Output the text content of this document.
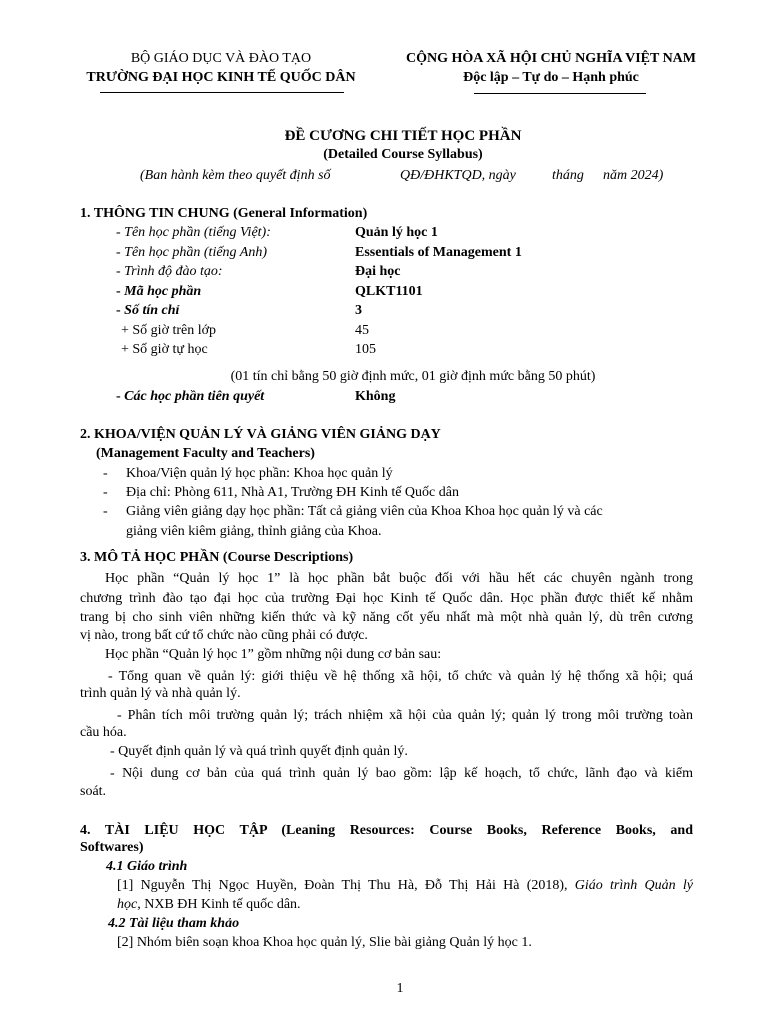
BỘ GIÁO DỤC VÀ ĐÀO TẠO
TRƯỜNG ĐẠI HỌC KINH TẾ QUỐC DÂN
CỘNG HÒA XÃ HỘI CHỦ NGHĨA VIỆT NAM
Độc lập – Tự do – Hạnh phúc
ĐỀ CƯƠNG CHI TIẾT HỌC PHẦN
(Detailed Course Syllabus)
(Ban hành kèm theo quyết định số	QĐ/ĐHKTQD, ngày	tháng năm 2024)
1. THÔNG TIN CHUNG (General Information)
- Tên học phần (tiếng Việt):	Quản lý học 1
- Tên học phần (tiếng Anh)	Essentials of Management 1
- Trình độ đào tạo:	Đại học
- Mã học phần	QLKT1101
- Số tín chỉ	3
+ Số giờ trên lớp	45
+ Số giờ tự học	105
(01 tín chỉ bằng 50 giờ định mức, 01 giờ định mức bằng 50 phút)
- Các học phần tiên quyết	Không
2. KHOA/VIỆN QUẢN LÝ VÀ GIẢNG VIÊN GIẢNG DẠY
(Management Faculty and Teachers)
- Khoa/Viện quản lý học phần: Khoa học quản lý
- Địa chỉ: Phòng 611, Nhà A1, Trường ĐH Kinh tế Quốc dân
- Giảng viên giảng dạy học phần: Tất cả giảng viên của Khoa Khoa học quản lý và các
giảng viên kiêm giảng, thỉnh giảng của Khoa.
3. MÔ TẢ HỌC PHẦN (Course Descriptions)
Học phần “Quản lý học 1” là học phần bắt buộc đối với hầu hết các chuyên ngành trong
chương trình đào tạo đại học của trường Đại học Kinh tế Quốc dân. Học phần được thiết kế nhằm
trang bị cho sinh viên những kiến thức và kỹ năng cốt yếu nhất mà một nhà quản lý, dù trên cương
vị nào, trong bất cứ tổ chức nào cũng phải có được.
Học phần “Quản lý học 1” gồm những nội dung cơ bản sau:
- Tổng quan về quản lý: giới thiệu về hệ thống xã hội, tổ chức và quản lý hệ thống xã hội; quá
trình quản lý và nhà quản lý.
- Phân tích môi trường quản lý; trách nhiệm xã hội của quản lý; quản lý trong môi trường toàn
cầu hóa.
- Quyết định quản lý và quá trình quyết định quản lý.
- Nội dung cơ bản của quá trình quản lý bao gồm: lập kế hoạch, tổ chức, lãnh đạo và kiểm
soát.
4. TÀI LIỆU HỌC TẬP (Leaning Resources: Course Books, Reference Books, and
Softwares)
4.1 Giáo trình
[1] Nguyễn Thị Ngọc Huyền, Đoàn Thị Thu Hà, Đỗ Thị Hải Hà (2018), Giáo trình Quản lý
học, NXB ĐH Kinh tế quốc dân.
4.2 Tài liệu tham khảo
[2] Nhóm biên soạn khoa Khoa học quản lý, Slie bài giảng Quản lý học 1.
1
